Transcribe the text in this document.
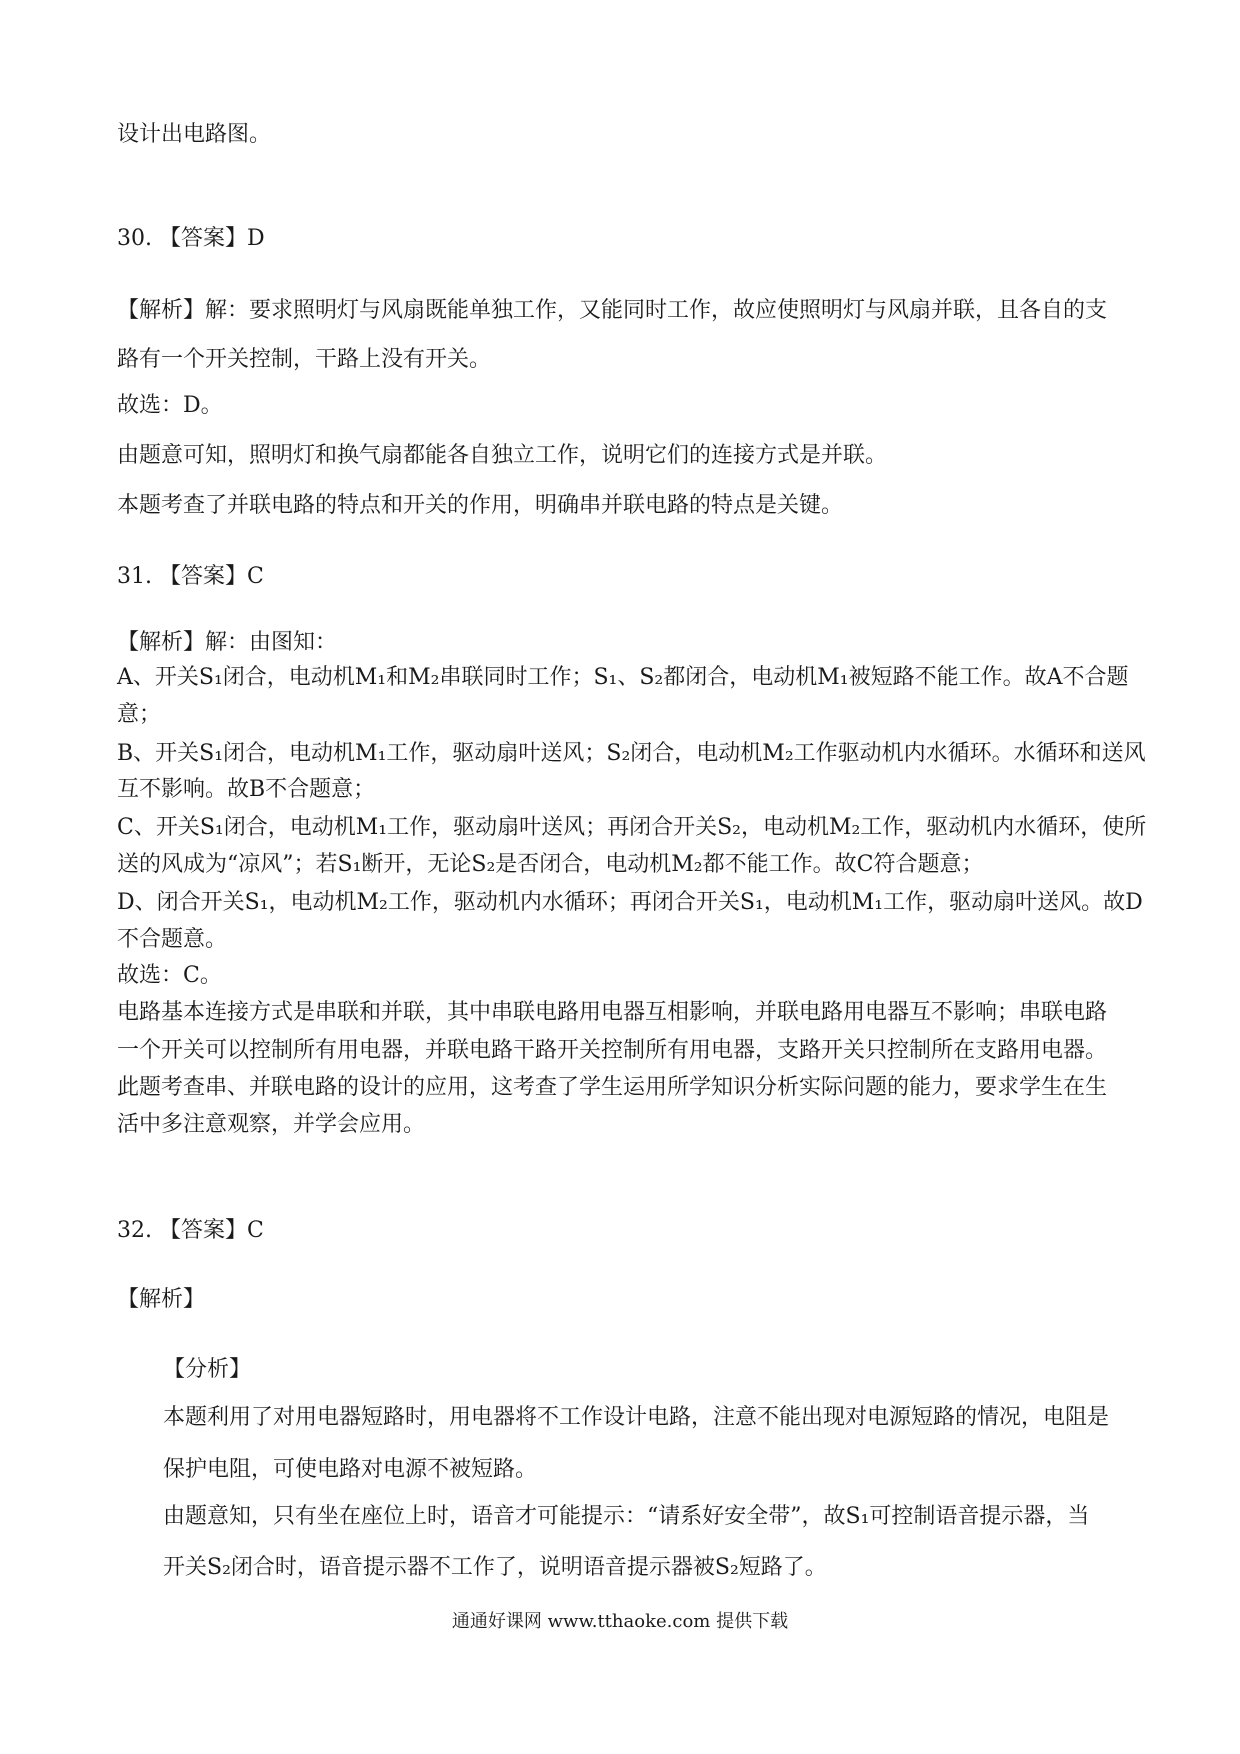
设计出电路图。
30. 【答案】D
【解析】解：要求照明灯与风扇既能单独工作，又能同时工作，故应使照明灯与风扇并联，且各自的支
路有一个开关控制，干路上没有开关。
故选：D。
由题意可知，照明灯和换气扇都能各自独立工作，说明它们的连接方式是并联。
本题考查了并联电路的特点和开关的作用，明确串并联电路的特点是关键。
31. 【答案】C
【解析】解：由图知：
A、开关S₁闭合，电动机M₁和M₂串联同时工作；S₁、S₂都闭合，电动机M₁被短路不能工作。故A不合题
意；
B、开关S₁闭合，电动机M₁工作，驱动扇叶送风；S₂闭合，电动机M₂工作驱动机内水循环。水循环和送风
互不影响。故B不合题意；
C、开关S₁闭合，电动机M₁工作，驱动扇叶送风；再闭合开关S₂，电动机M₂工作，驱动机内水循环，使所
送的风成为“凉风”；若S₁断开，无论S₂是否闭合，电动机M₂都不能工作。故C符合题意；
D、闭合开关S₁，电动机M₂工作，驱动机内水循环；再闭合开关S₁，电动机M₁工作，驱动扇叶送风。故D
不合题意。
故选：C。
电路基本连接方式是串联和并联，其中串联电路用电器互相影响，并联电路用电器互不影响；串联电路
一个开关可以控制所有用电器，并联电路干路开关控制所有用电器，支路开关只控制所在支路用电器。
此题考查串、并联电路的设计的应用，这考查了学生运用所学知识分析实际问题的能力，要求学生在生
活中多注意观察，并学会应用。
32. 【答案】C
【解析】
【分析】
本题利用了对用电器短路时，用电器将不工作设计电路，注意不能出现对电源短路的情况，电阻是
保护电阻，可使电路对电源不被短路。
由题意知，只有坐在座位上时，语音才可能提示：“请系好安全带”，故S₁可控制语音提示器，当
开关S₂闭合时，语音提示器不工作了，说明语音提示器被S₂短路了。
通通好课网 www.tthaoke.com 提供下载
